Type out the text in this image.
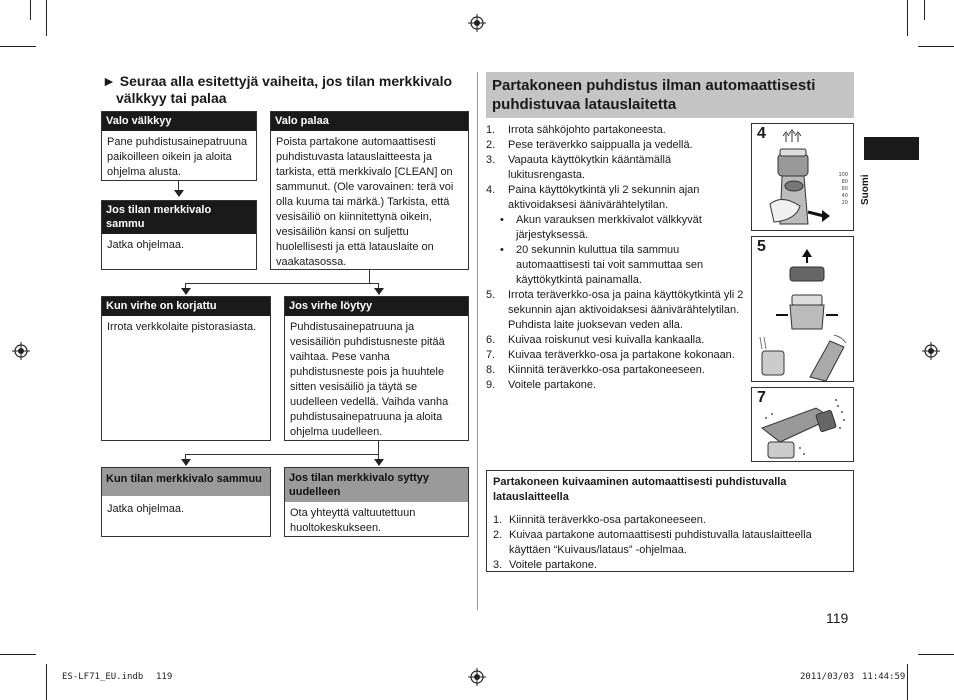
► Seuraa alla esitettyjä vaiheita, jos tilan merkkivalo
välkkyy tai palaa
Valo välkkyy
Pane puhdistusainepatruuna
paikoilleen oikein ja aloita
ohjelma alusta.
Jos tilan merkkivalo
sammu
Jatka ohjelmaa.
Valo palaa
Poista partakone automaattisesti
puhdistuvasta latauslaitteesta ja
tarkista, että merkkivalo [CLEAN] on
sammunut. (Ole varovainen: terä voi
olla kuuma tai märkä.) Tarkista, että
vesisäiliö on kiinnitettynä oikein,
vesisäiliön kansi on suljettu
huolellisesti ja että latauslaite on
vaakatasossa.
Kun virhe on korjattu
Irrota verkkolaite pistorasiasta.
Jos virhe löytyy
Puhdistusainepatruuna ja
vesisäiliön puhdistusneste pitää
vaihtaa. Pese vanha
puhdistusneste pois ja huuhtele
sitten vesisäiliö ja täytä se
uudelleen vedellä. Vaihda vanha
puhdistusainepatruuna ja aloita
ohjelma uudelleen.
Kun tilan merkkivalo sammuu
Jatka ohjelmaa.
Jos tilan merkkivalo syttyy
uudelleen
Ota yhteyttä valtuutettuun
huoltokeskukseen.
Partakoneen puhdistus ilman automaattisesti
puhdistuvaa latauslaitetta
1. Irrota sähköjohto partakoneesta.
2. Pese teräverkko saippualla ja vedellä.
3. Vapauta käyttökytkin kääntämällä
lukitusrengasta.
4. Paina käyttökytkintä yli 2 sekunnin ajan
aktivoidaksesi äänivärähtelytilan.
•	Akun varauksen merkkivalot välkkyvät
järjestyksessä.
•	20 sekunnin kuluttua tila sammuu
automaattisesti tai voit sammuttaa sen
käyttökytkintä painamalla.
5. Irrota teräverkko-osa ja paina käyttökytkintä yli 2
sekunnin ajan aktivoidaksesi äänivärähtelytilan.
Puhdista laite juoksevan veden alla.
6. Kuivaa roiskunut vesi kuivalla kankaalla.
7. Kuivaa teräverkko-osa ja partakone kokonaan.
8. Kiinnitä teräverkko-osa partakoneeseen.
9. Voitele partakone.
4
100
80
60
40
20
5
7
Partakoneen kuivaaminen automaattisesti puhdistuvalla
latauslaitteella
1. Kiinnitä teräverkko-osa partakoneeseen.
2. Kuivaa partakone automaattisesti puhdistuvalla latauslaitteella
käyttäen “Kuivaus/lataus” -ohjelmaa.
3. Voitele partakone.
Suomi
119
ES-LF71_EU.indb 119	2011/03/03 11:44:59
